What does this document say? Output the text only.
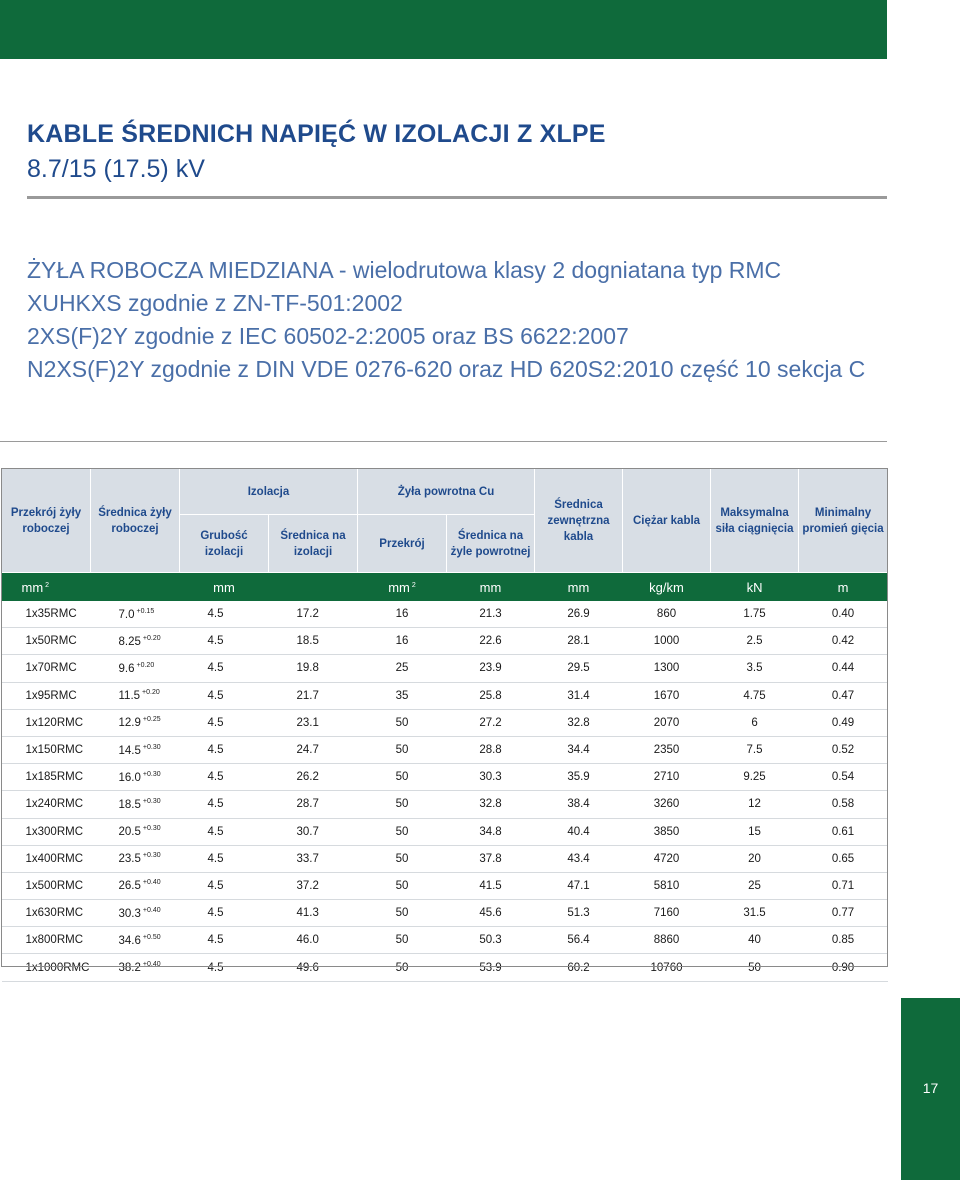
KABLE ŚREDNICH NAPIĘĆ W IZOLACJI Z XLPE
8.7/15 (17.5) kV
ŻYŁA ROBOCZA MIEDZIANA - wielodrutowa klasy 2 dogniatana typ RMC
XUHKXS zgodnie z ZN-TF-501:2002
2XS(F)2Y zgodnie z IEC 60502-2:2005 oraz BS 6622:2007
N2XS(F)2Y zgodnie z DIN VDE 0276-620 oraz HD 620S2:2010 część 10 sekcja C
Przekrój żyły roboczej	Średnica żyły roboczej	Izolacja		Żyła powrotna Cu		Średnica zewnętrzna kabla	Ciężar kabla	Maksymalna siła ciągnięcia	Minimalny promień gięcia
		Grubość izolacji	Średnica na izolacji	Przekrój	Średnica na żyle powrotnej				
mm $^2$	mm			mm $^2$	mm	mm	kg/km	kN	m
1x35RMC	7.0 $^{+0.15}$	4.5	17.2	16	21.3	26.9	860	1.75	0.40
1x50RMC	8.25 $^{+0.20}$	4.5	18.5	16	22.6	28.1	1000	2.5	0.42
1x70RMC	9.6 $^{+0.20}$	4.5	19.8	25	23.9	29.5	1300	3.5	0.44
1x95RMC	11.5 $^{+0.20}$	4.5	21.7	35	25.8	31.4	1670	4.75	0.47
1x120RMC	12.9 $^{+0.25}$	4.5	23.1	50	27.2	32.8	2070	6	0.49
1x150RMC	14.5 $^{+0.30}$	4.5	24.7	50	28.8	34.4	2350	7.5	0.52
1x185RMC	16.0 $^{+0.30}$	4.5	26.2	50	30.3	35.9	2710	9.25	0.54
1x240RMC	18.5 $^{+0.30}$	4.5	28.7	50	32.8	38.4	3260	12	0.58
1x300RMC	20.5 $^{+0.30}$	4.5	30.7	50	34.8	40.4	3850	15	0.61
1x400RMC	23.5 $^{+0.30}$	4.5	33.7	50	37.8	43.4	4720	20	0.65
1x500RMC	26.5 $^{+0.40}$	4.5	37.2	50	41.5	47.1	5810	25	0.71
1x630RMC	30.3 $^{+0.40}$	4.5	41.3	50	45.6	51.3	7160	31.5	0.77
1x800RMC	34.6 $^{+0.50}$	4.5	46.0	50	50.3	56.4	8860	40	0.85
1x1000RMC	38.2 $^{+0.40}$	4.5	49.6	50	53.9	60.2	10760	50	0.90
17
